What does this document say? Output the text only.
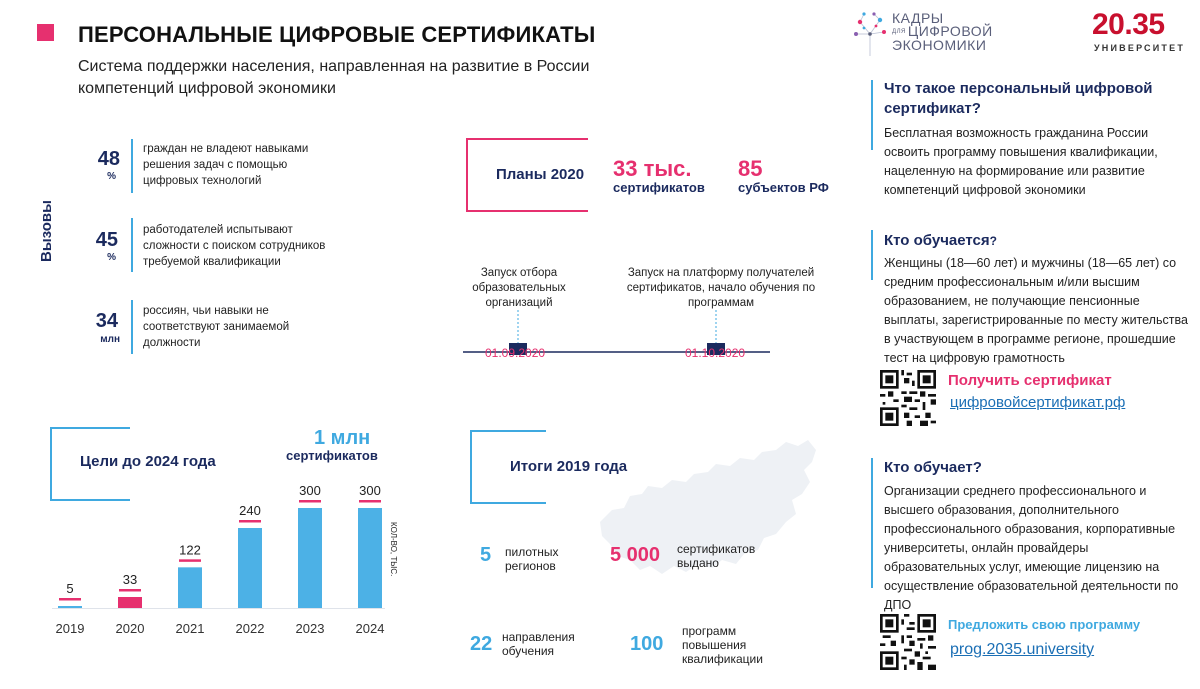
ПЕРСОНАЛЬНЫЕ ЦИФРОВЫЕ СЕРТИФИКАТЫ
Система поддержки населения, направленная на развитие в России компетенций цифровой экономики
КАДРЫ
ДЛЯ ЦИФРОВОЙ
ЭКОНОМИКИ
20.35
УНИВЕРСИТЕТ
Вызовы
48
%
граждан не владеют навыками решения задач с помощью цифровых технологий
45
%
работодателей испытывают сложности с поиском сотрудников требуемой квалификации
34
млн
россиян, чьи навыки не соответствуют занимаемой должности
Планы 2020 33 тыс.
сертификатов
85
субъектов РФ
Запуск отбора образовательных организаций
Запуск на платформу получателей сертификатов, начало обучения по программам
01.09.2020	01.10.2020
Цели до 2024 года
1 млн
сертификатов
5
2019
33
2020
122
2021
240
2022
300
2023
300
2024
КОЛ-ВО, ТЫС.
Итоги 2019 года
5 пилотных регионов	5 000 сертификатов выдано
22 направления обучения	100
программ повышения квалификации
Что такое персональный цифровой сертификат?
Бесплатная возможность гражданина России освоить программу повышения квалификации, нацеленную на формирование или развитие компетенций цифровой экономики
Кто обучается?
Женщины (18—60 лет) и мужчины (18—65 лет) со средним профессиональным и/или высшим образованием, не получающие пенсионные выплаты, зарегистрированные по месту жительства в участвующем в программе регионе, прошедшие тест на цифровую грамотность
Получить сертификат
цифровойсертификат.рф
Кто обучает?
Организации среднего профессионального и высшего образования, дополнительного профессионального образования, корпоративные университеты, онлайн провайдеры образовательных услуг, имеющие лицензию на осуществление образовательной деятельности по ДПО
Предложить свою программу
prog.2035.university
